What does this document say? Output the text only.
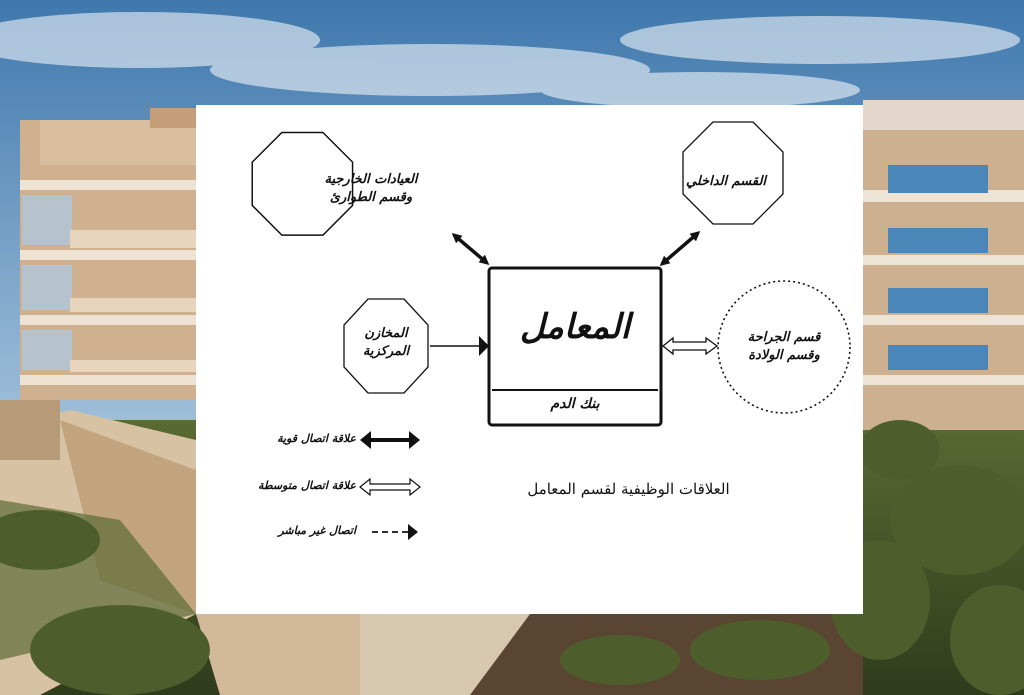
العيادات الخارجية
وقسم الطوارئ
القسم الداخلي
المخازن
المركزية
قسم الجراحة
وقسم الولادة
المعامل
بنك الدم
علاقة اتصال قوية
علاقة اتصال متوسطة
اتصال غير مباشر
العلاقات الوظيفية لقسم المعامل
